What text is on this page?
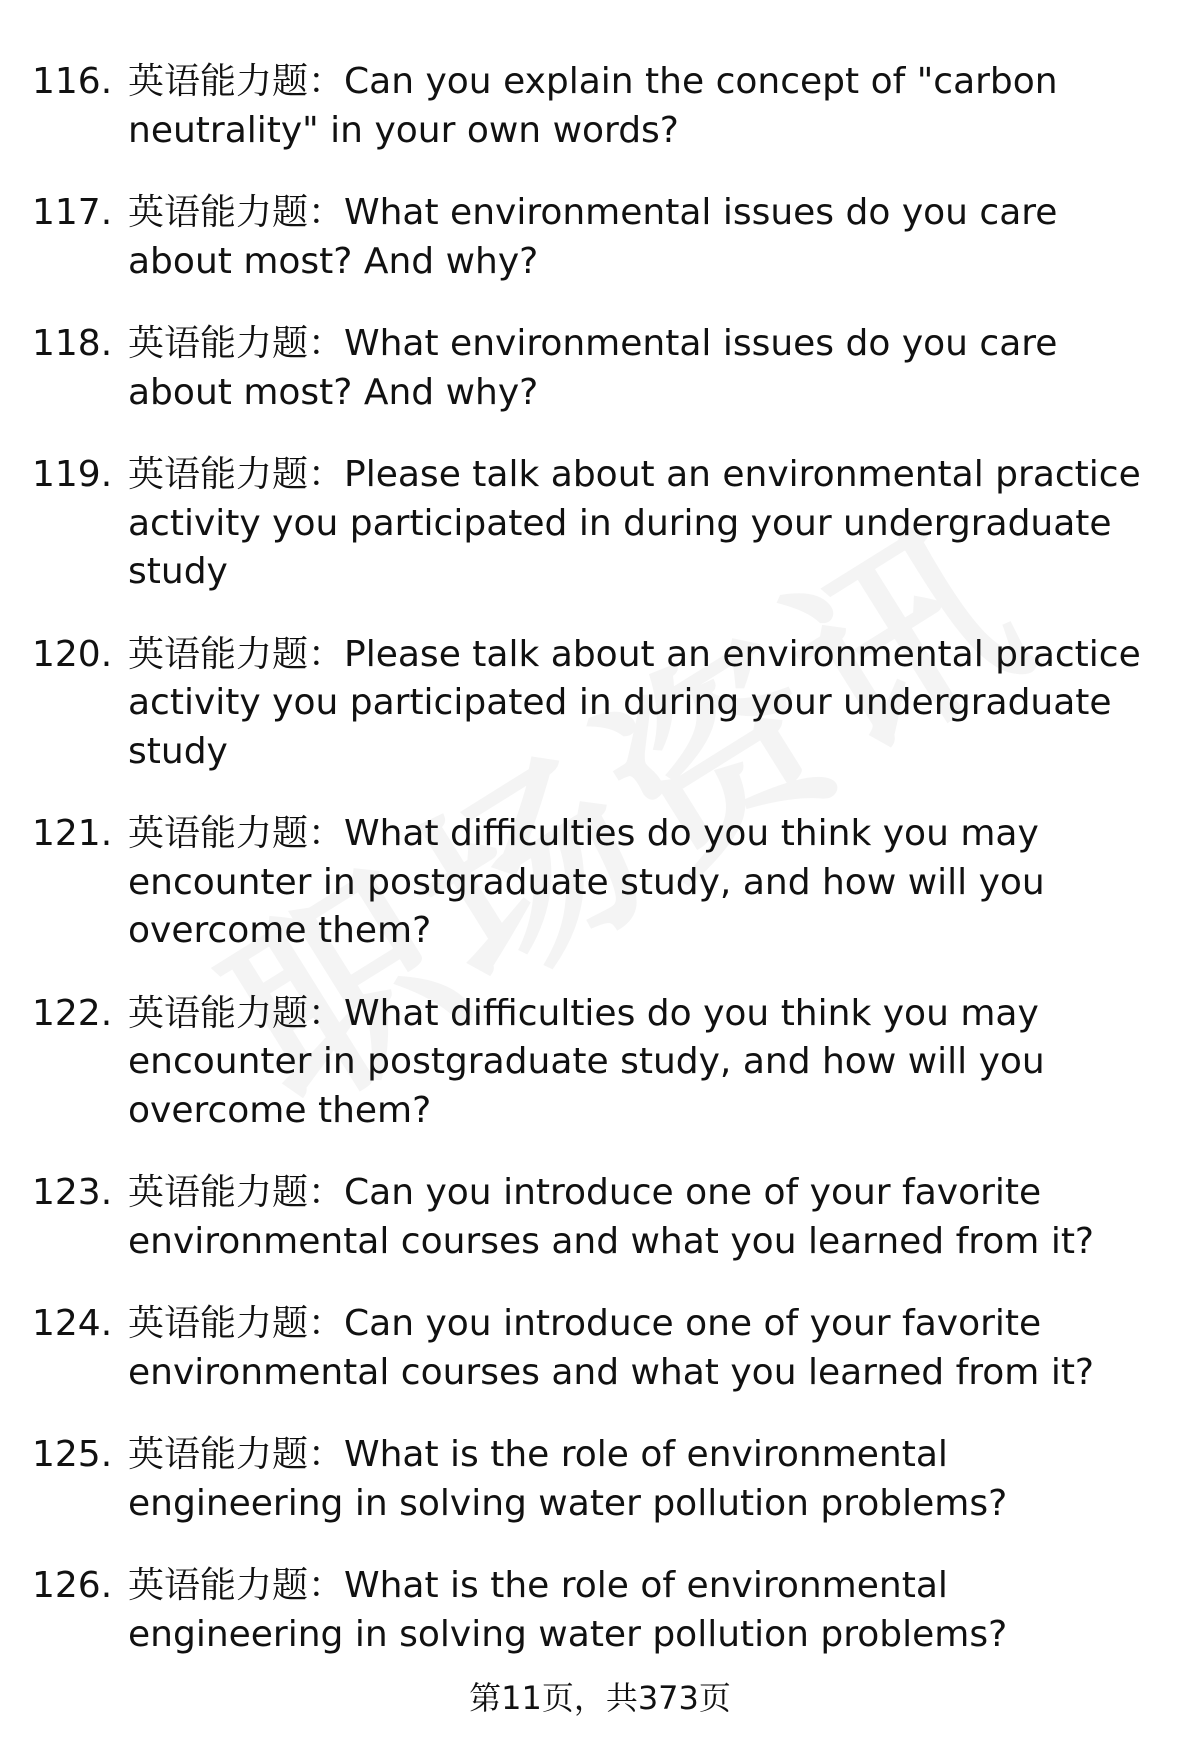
116. 英语能力题：Can you explain the concept of "carbon neutrality" in your own words?
117. 英语能力题：What environmental issues do you care about most? And why?
118. 英语能力题：What environmental issues do you care about most? And why?
119. 英语能力题：Please talk about an environmental practice activity you participated in during your undergraduate study
120. 英语能力题：Please talk about an environmental practice activity you participated in during your undergraduate study
121. 英语能力题：What difficulties do you think you may encounter in postgraduate study, and how will you overcome them?
122. 英语能力题：What difficulties do you think you may encounter in postgraduate study, and how will you overcome them?
123. 英语能力题：Can you introduce one of your favorite environmental courses and what you learned from it?
124. 英语能力题：Can you introduce one of your favorite environmental courses and what you learned from it?
125. 英语能力题：What is the role of environmental engineering in solving water pollution problems?
126. 英语能力题：What is the role of environmental engineering in solving water pollution problems?
第11页，共373页
